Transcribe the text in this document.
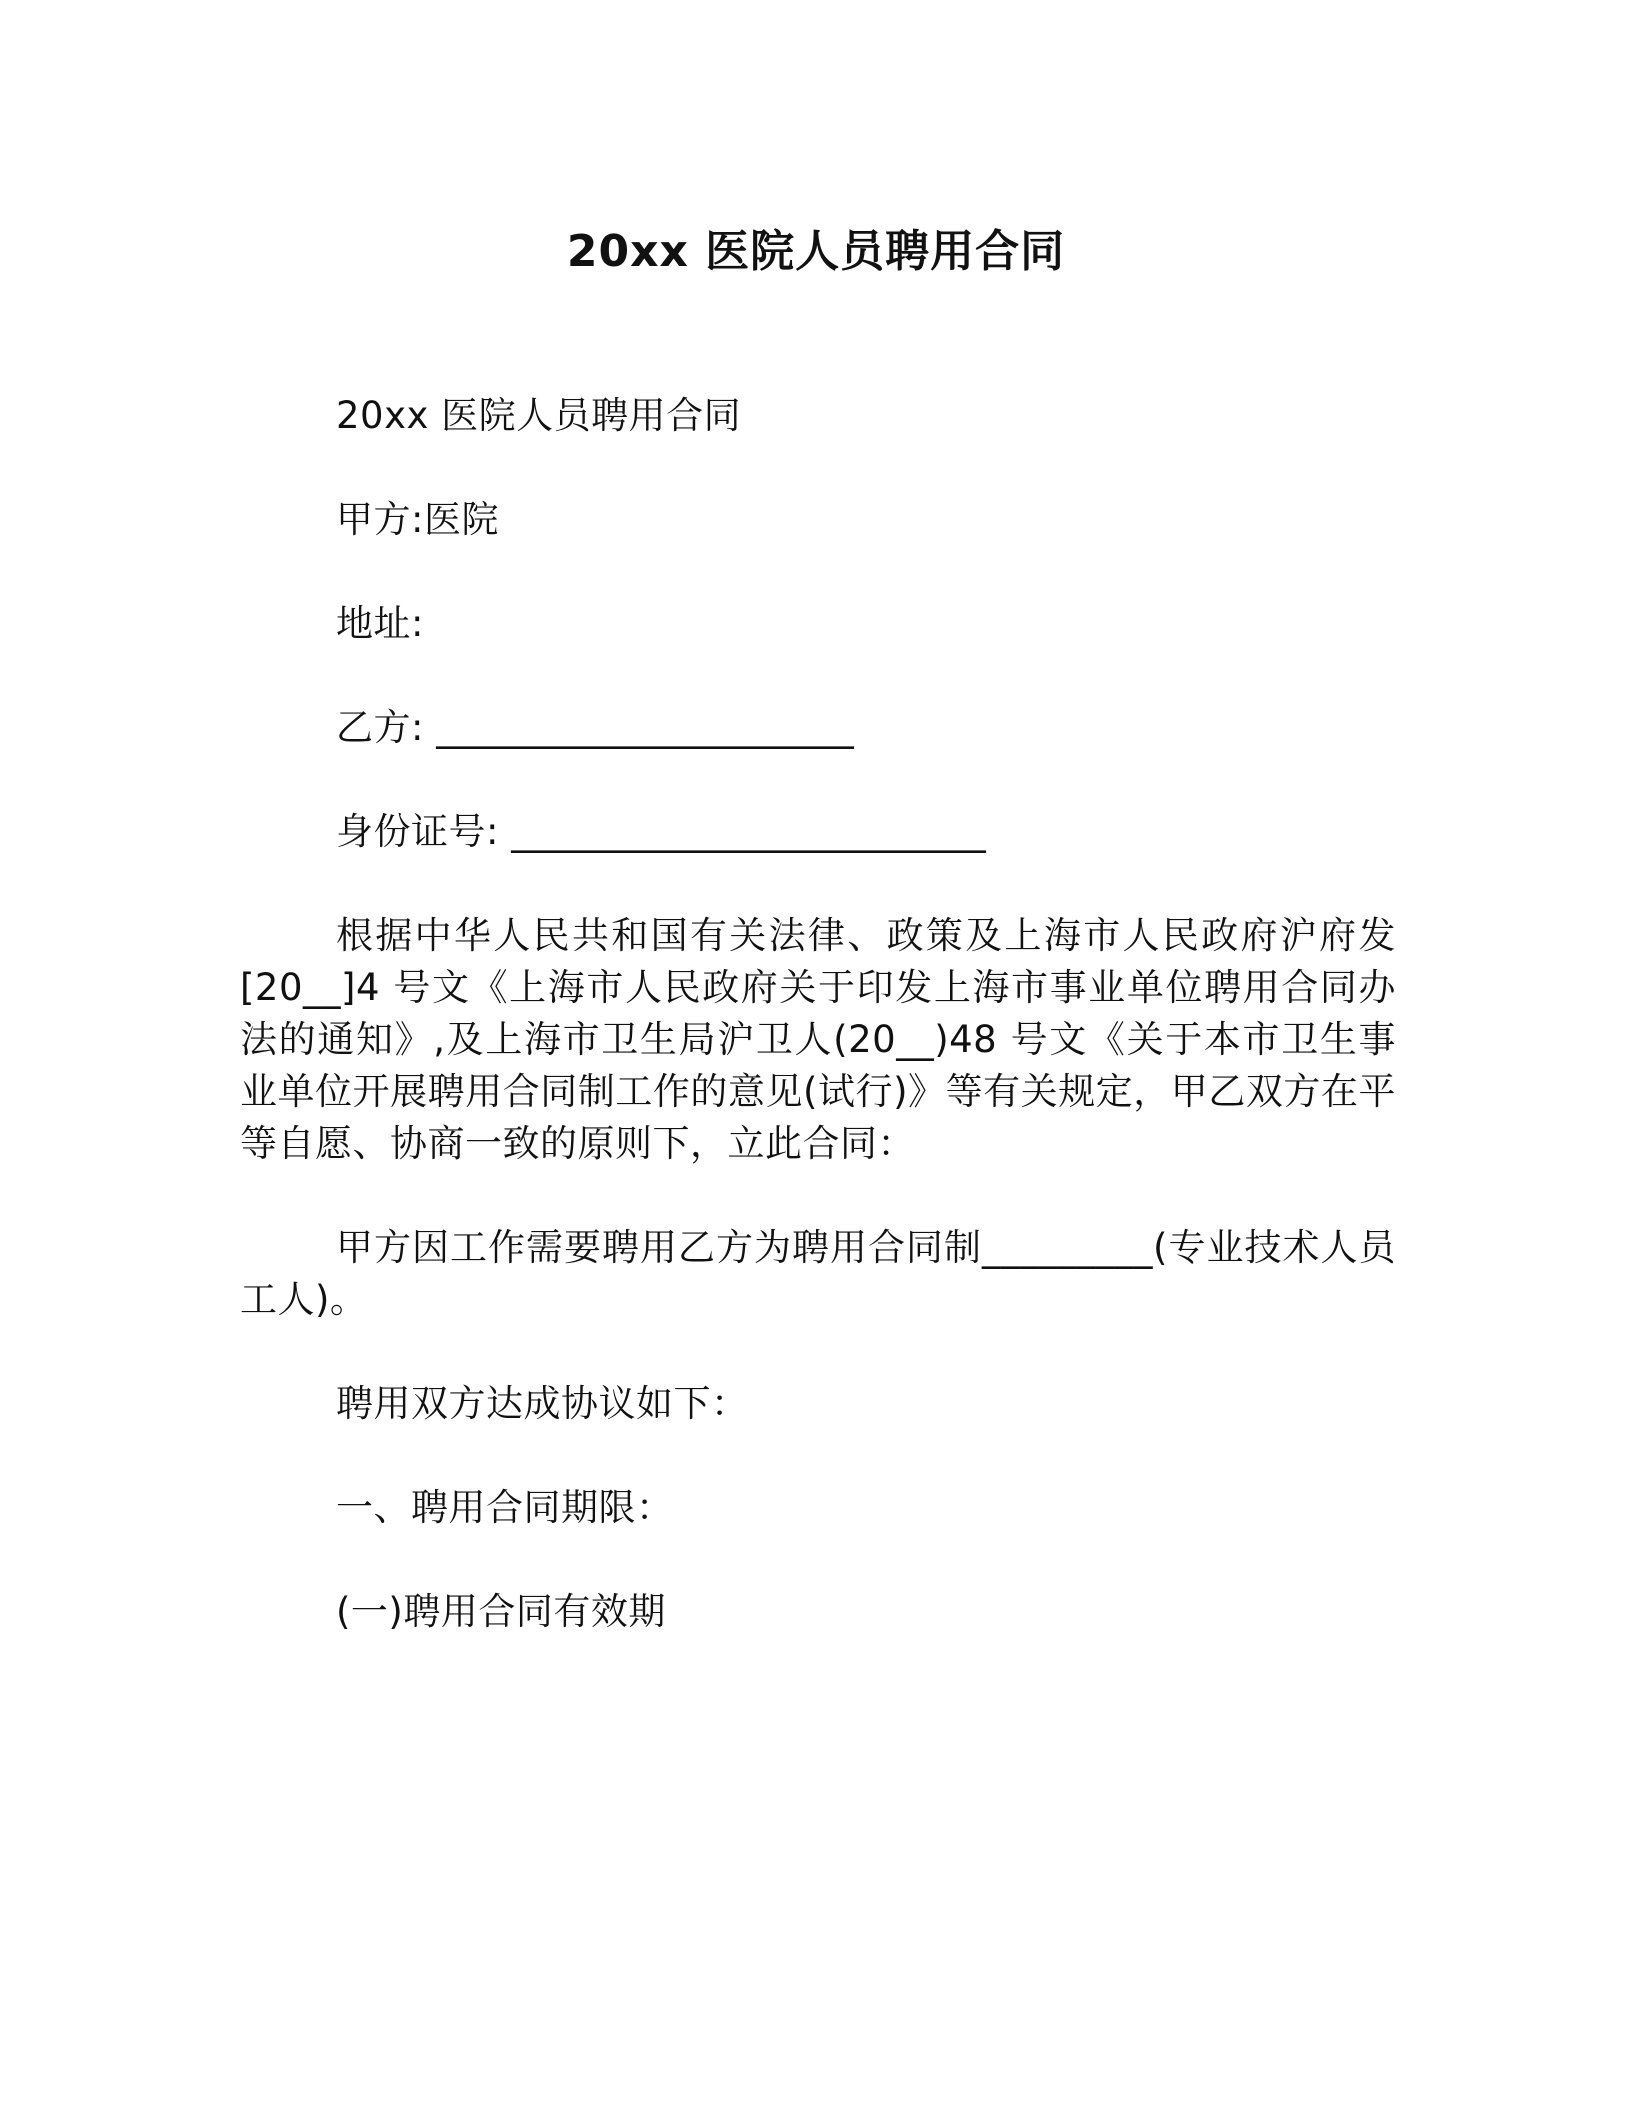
20xx 医院人员聘用合同

20xx 医院人员聘用合同

甲方:医院

地址:

乙方: ______________________

身份证号: _________________________

根据中华人民共和国有关法律、政策及上海市人民政府沪府发[20__]4 号文《上海市人民政府关于印发上海市事业单位聘用合同办法的通知》,及上海市卫生局沪卫人(20__)48 号文《关于本市卫生事业单位开展聘用合同制工作的意见(试行)》等有关规定，甲乙双方在平等自愿、协商一致的原则下，立此合同：

甲方因工作需要聘用乙方为聘用合同制_________(专业技术人员工人)。

聘用双方达成协议如下：

一、聘用合同期限：

(一)聘用合同有效期
